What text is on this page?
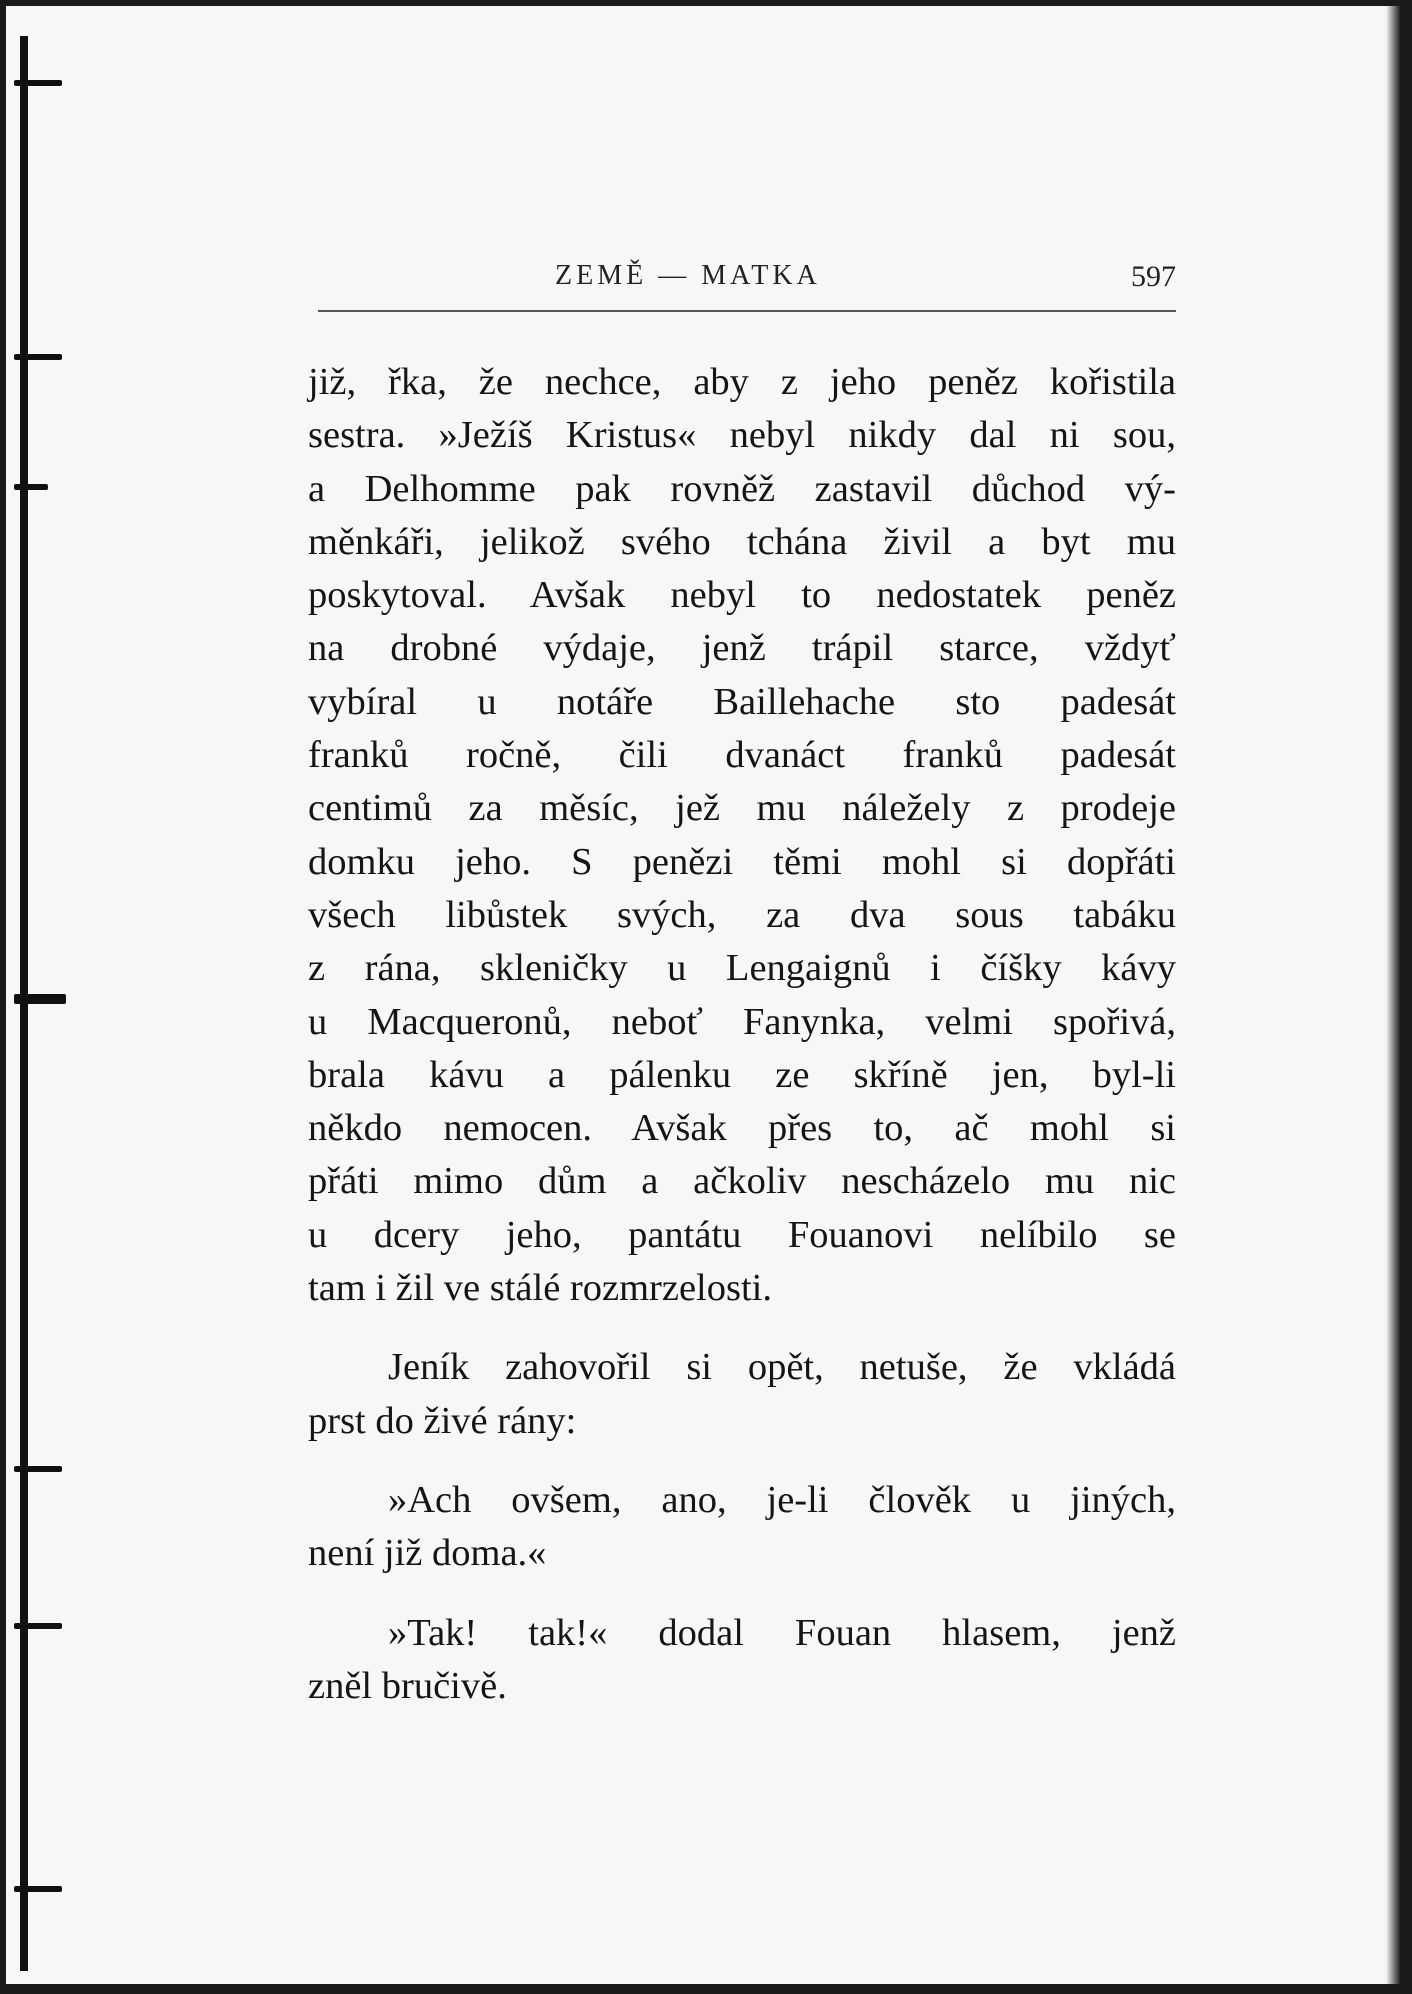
ZEMĚ — MATKA	597

již, řka, že nechce, aby z jeho peněz kořistila
sestra. »Ježíš Kristus« nebyl nikdy dal ni sou,
a Delhomme pak rovněž zastavil důchod vý-
měnkáři, jelikož svého tchána živil a byt mu
poskytoval. Avšak nebyl to nedostatek peněz
na drobné výdaje, jenž trápil starce, vždyť
vybíral u notáře Baillehache sto padesát
franků ročně, čili dvanáct franků padesát
centimů za měsíc, jež mu náležely z prodeje
domku jeho. S penězi těmi mohl si dopřáti
všech libůstek svých, za dva sous tabáku
z rána, skleničky u Lengaignů i číšky kávy
u Macqueronů, neboť Fanynka, velmi spořivá,
brala kávu a pálenku ze skříně jen, byl-li
někdo nemocen. Avšak přes to, ač mohl si
přáti mimo dům a ačkoliv nescházelo mu nic
u dcery jeho, pantátu Fouanovi nelíbilo se
tam i žil ve stálé rozmrzelosti.

Jeník zahovořil si opět, netuše, že vkládá
prst do živé rány:

»Ach ovšem, ano, je-li člověk u jiných,
není již doma.«

»Tak! tak!« dodal Fouan hlasem, jenž
zněl bručivě.
